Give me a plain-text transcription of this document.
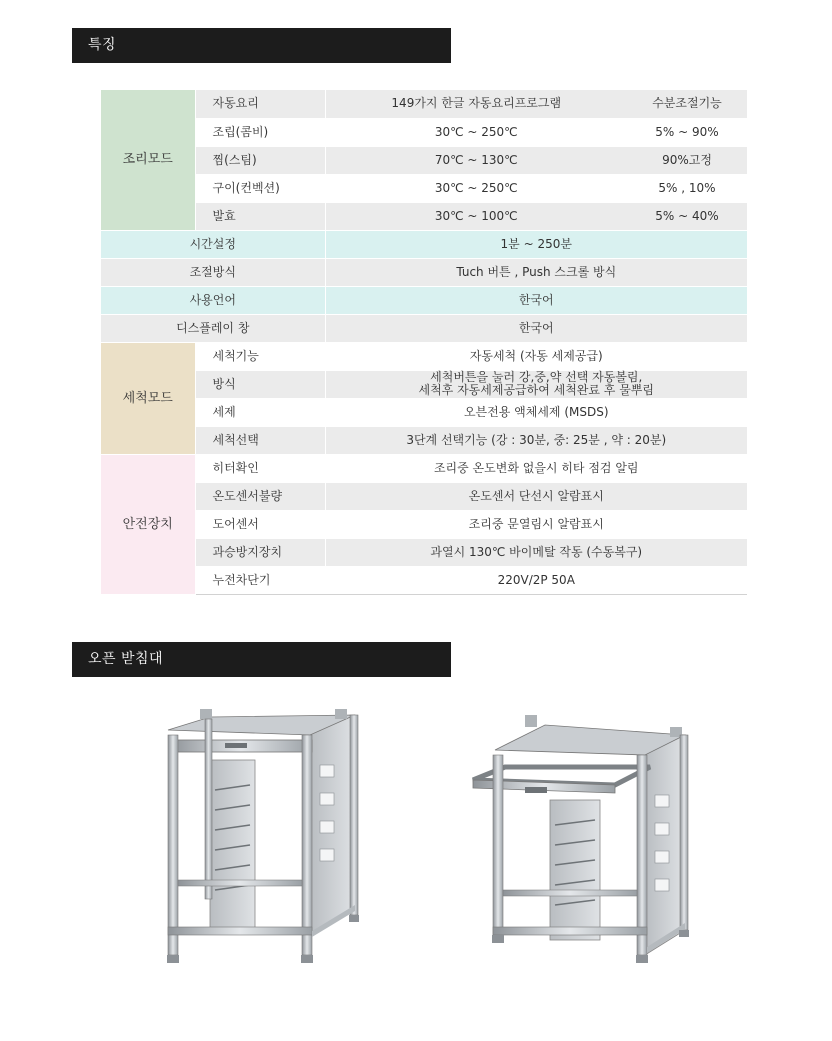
특징
조리모드	자동요리	149가지 한글 자동요리프로그램	수분조절기능
	조립(콤비)	30℃ ~ 250℃	5% ~ 90%
	찜(스팀)	70℃ ~ 130℃	90%고정
	구이(컨벡션)	30℃ ~ 250℃	5% , 10%
	발효	30℃ ~ 100℃	5% ~ 40%
시간설정		1분 ~ 250분	
조절방식		Tuch 버튼 , Push 스크롤 방식	
사용언어		한국어	
디스플레이 창		한국어	
세척모드	세척기능	자동세척 (자동 세제공급)	
	방식	세척버튼을 눌러 강,중,약 선택 자동볼림,
세척후 자동세제공급하여 세척완료 후 물뿌림	

	세제	오븐전용 액체세제 (MSDS)	
	세척선택	3단계 선택기능 (강 : 30분, 중: 25분 , 약 : 20분)	
안전장치	히터확인	조리중 온도변화 없을시 히타 점검 알림	
	온도센서불량	온도센서 단선시 알람표시	
	도어센서	조리중 문열림시 알람표시	
	과승방지장치	과열시 130℃ 바이메탈 작동 (수동복구)	
	누전차단기	220V/2P 50A	
오픈 받침대
